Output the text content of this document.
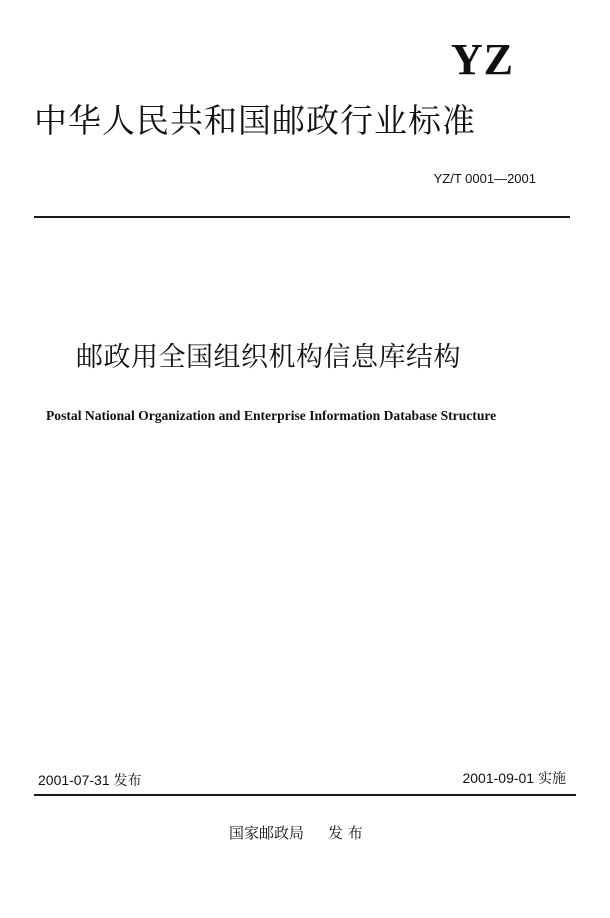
YZ
中华人民共和国邮政行业标准
YZ/T 0001—2001
邮政用全国组织机构信息库结构
Postal National Organization and Enterprise Information Database Structure
2001-07-31 发布	2001-09-01 实施
国家邮政局 发 布
